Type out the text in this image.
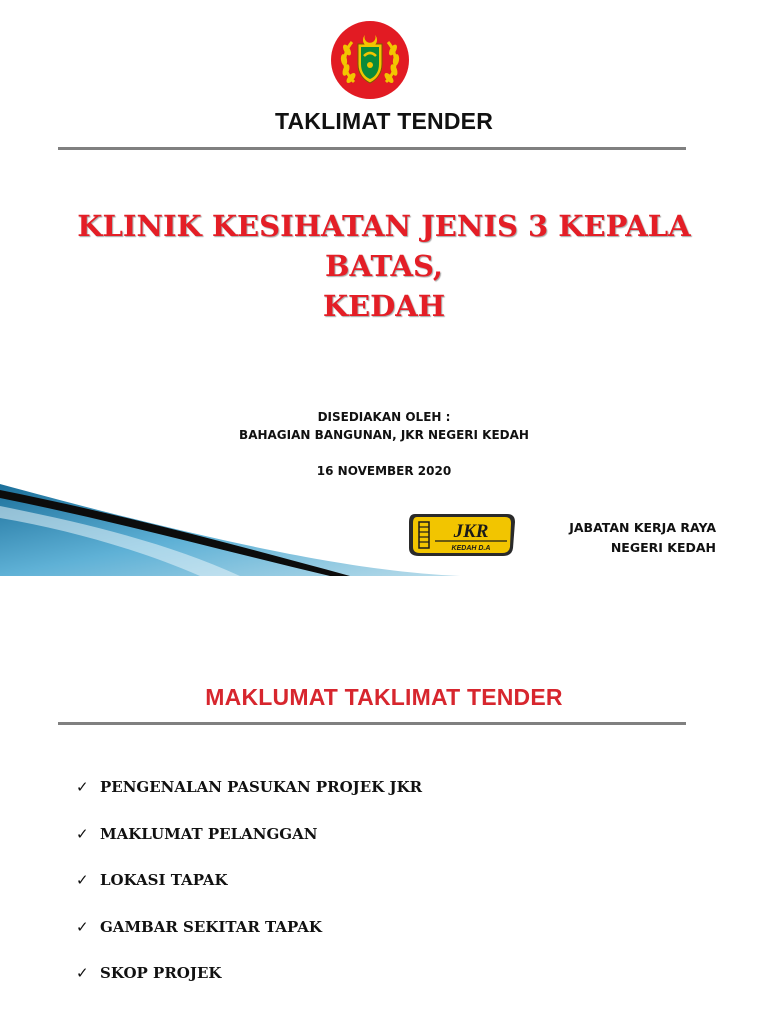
TAKLIMAT TENDER
KLINIK KESIHATAN JENIS 3 KEPALA BATAS,
KEDAH
DISEDIAKAN OLEH :
BAHAGIAN BANGUNAN, JKR NEGERI KEDAH
16 NOVEMBER 2020
JKR
KEDAH D.A
JABATAN KERJA RAYA
NEGERI KEDAH
MAKLUMAT TAKLIMAT TENDER
✓ PENGENALAN PASUKAN PROJEK JKR
✓ MAKLUMAT PELANGGAN
✓ LOKASI TAPAK
✓ GAMBAR SEKITAR TAPAK
✓ SKOP PROJEK
